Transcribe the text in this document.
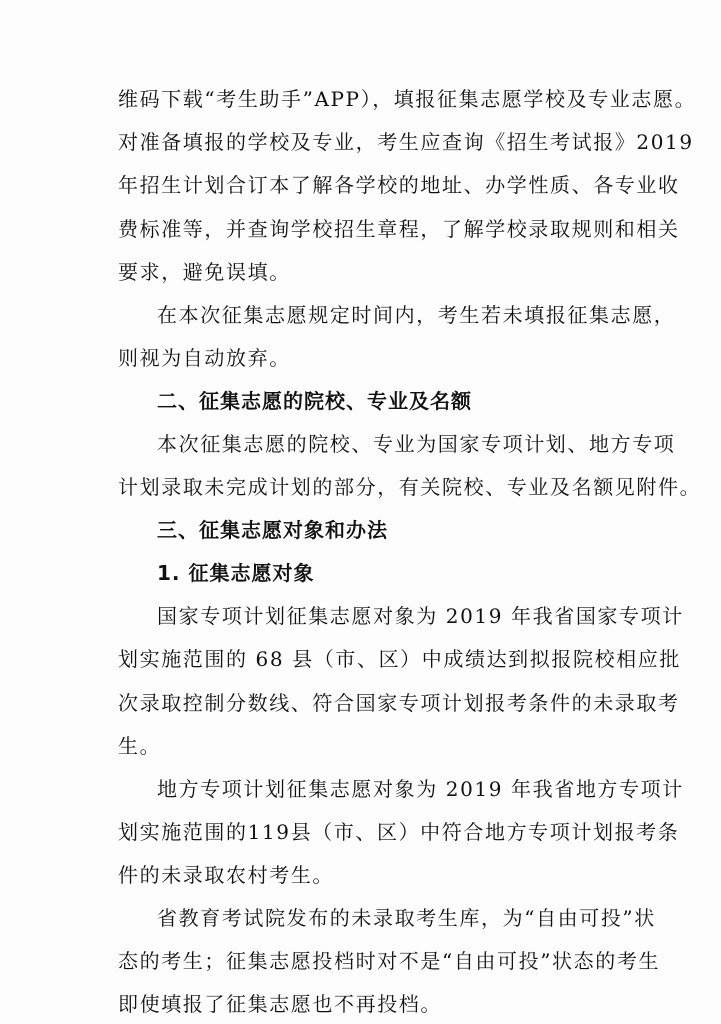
维码下载“考生助手”APP），填报征集志愿学校及专业志愿。
对准备填报的学校及专业，考生应查询《招生考试报》2019
年招生计划合订本了解各学校的地址、办学性质、各专业收
费标准等，并查询学校招生章程，了解学校录取规则和相关
要求，避免误填。
在本次征集志愿规定时间内，考生若未填报征集志愿，
则视为自动放弃。
二、征集志愿的院校、专业及名额
本次征集志愿的院校、专业为国家专项计划、地方专项
计划录取未完成计划的部分，有关院校、专业及名额见附件。
三、征集志愿对象和办法
1. 征集志愿对象
国家专项计划征集志愿对象为 2019 年我省国家专项计
划实施范围的 68 县（市、区）中成绩达到拟报院校相应批
次录取控制分数线、符合国家专项计划报考条件的未录取考
生。
地方专项计划征集志愿对象为 2019 年我省地方专项计
划实施范围的119县（市、区）中符合地方专项计划报考条
件的未录取农村考生。
省教育考试院发布的未录取考生库，为“自由可投”状
态的考生；征集志愿投档时对不是“自由可投”状态的考生
即使填报了征集志愿也不再投档。
